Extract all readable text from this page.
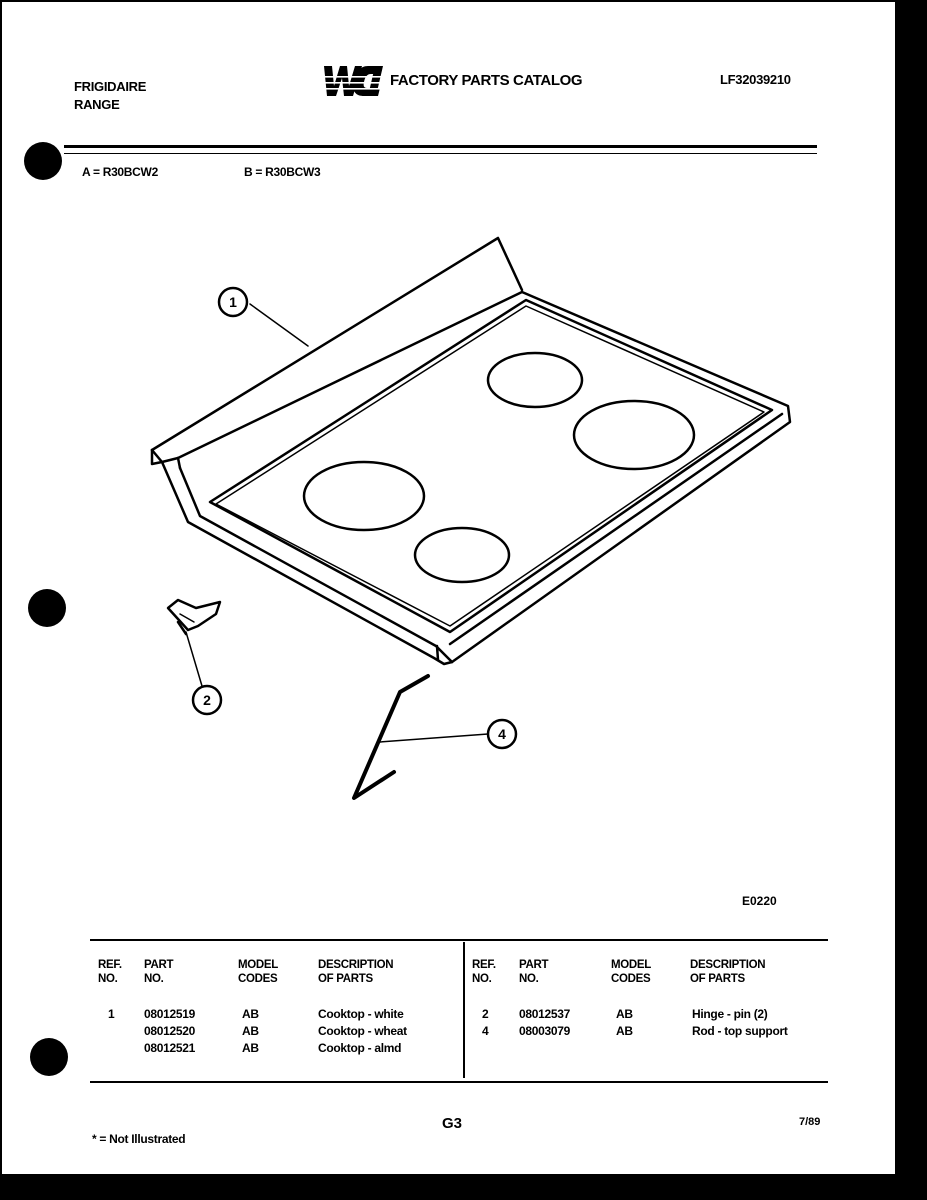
FRIGIDAIRE
RANGE
FACTORY PARTS CATALOG	LF32039210
A = R30BCW2	B = R30BCW3
1
2
4
E0220
REF.
NO.
PART
NO.
MODEL
CODES
DESCRIPTION
OF PARTS
REF.
NO.
PART
NO.
MODEL
CODES
DESCRIPTION
OF PARTS
1 08012519	AB	Cooktop - white
08012520	AB	Cooktop - wheat
08012521	AB	Cooktop - almd
2	08012537	AB	Hinge - pin (2)
4	08003079	AB	Rod - top support
G3	7/89
* = Not Illustrated
